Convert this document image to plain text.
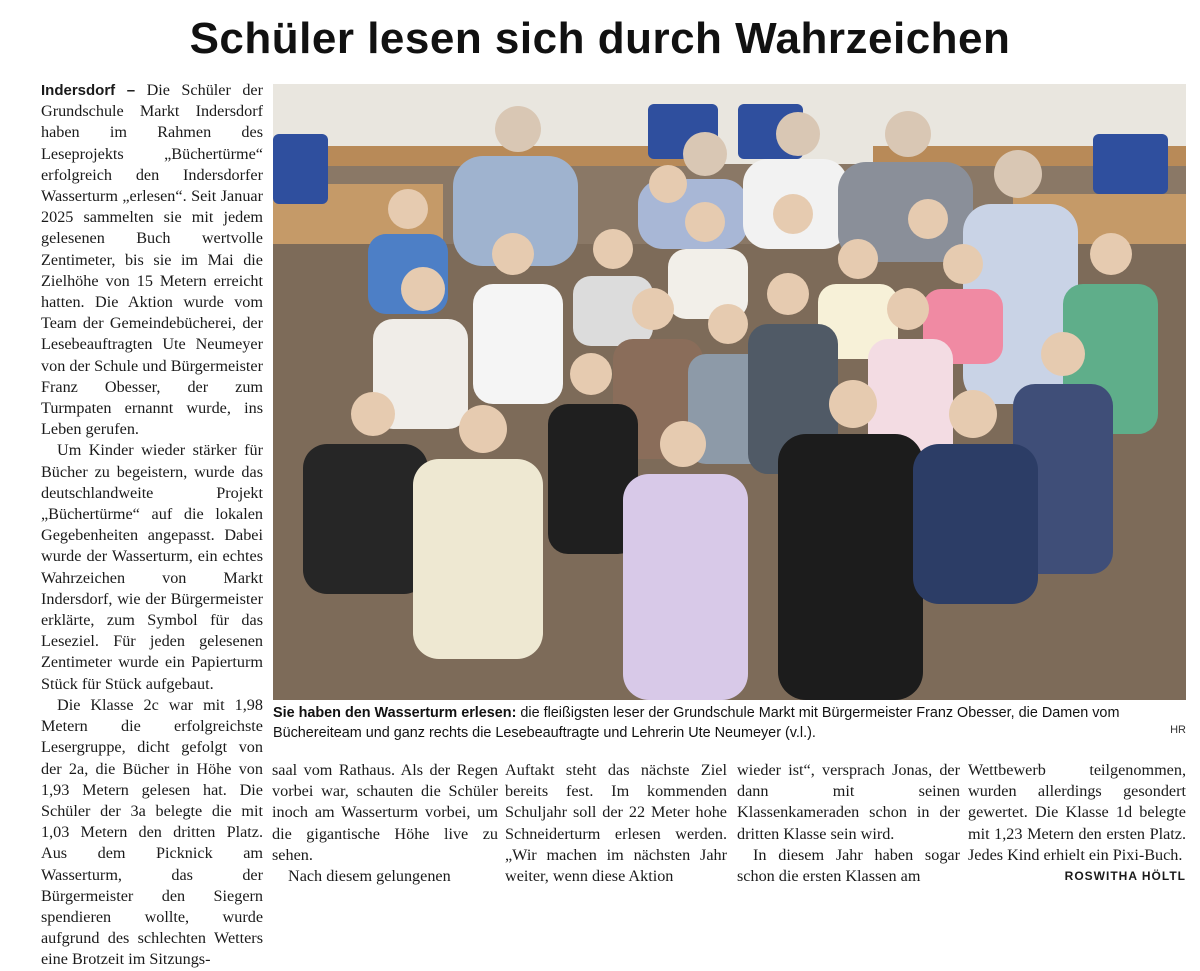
Schüler lesen sich durch Wahrzeichen

Indersdorf – Die Schüler der Grundschule Markt Indersdorf haben im Rahmen des Leseprojekts „Büchertürme“ erfolgreich den Indersdorfer Wasserturm „erlesen“. Seit Januar 2025 sammelten sie mit jedem gelesenen Buch wertvolle Zentimeter, bis sie im Mai die Zielhöhe von 15 Metern erreicht hatten. Die Aktion wurde vom Team der Gemeindebücherei, der Lesebeauftragten Ute Neumeyer von der Schule und Bürgermeister Franz Obesser, der zum Turmpaten ernannt wurde, ins Leben gerufen.

Um Kinder wieder stärker für Bücher zu begeistern, wurde das deutschlandweite Projekt „Büchertürme“ auf die lokalen Gegebenheiten angepasst. Dabei wurde der Wasserturm, ein echtes Wahrzeichen von Markt Indersdorf, wie der Bürgermeister erklärte, zum Symbol für das Leseziel. Für jeden gelesenen Zentimeter wurde ein Papierturm Stück für Stück aufgebaut.

Die Klasse 2c war mit 1,98 Metern die erfolgreichste Lesergruppe, dicht gefolgt von der 2a, die Bücher in Höhe von 1,93 Metern gelesen hat. Die Schüler der 3a belegte die mit 1,03 Metern den dritten Platz. Aus dem Picknick am Wasserturm, das der Bürgermeister den Siegern spendieren wollte, wurde aufgrund des schlechten Wetters eine Brotzeit im Sitzungs-

Sie haben den Wasserturm erlesen: die fleißigsten leser der Grundschule Markt mit Bürgermeister Franz Obesser, die Damen vom Büchereiteam und ganz rechts die Lesebeauftragte und Lehrerin Ute Neumeyer (v.l.).	HR

saal vom Rathaus. Als der Regen vorbei war, schauten die Schüler inoch am Wasserturm vorbei, um die gigantische Höhe live zu sehen.

Nach diesem gelungenen

Auftakt steht das nächste Ziel bereits fest. Im kommenden Schuljahr soll der 22 Meter hohe Schneiderturm erlesen werden. „Wir machen im nächsten Jahr weiter, wenn diese Aktion

wieder ist“, versprach Jonas, der dann mit seinen Klassenkameraden schon in der dritten Klasse sein wird.

In diesem Jahr haben sogar schon die ersten Klassen am

Wettbewerb teilgenommen, wurden allerdings gesondert gewertet. Die Klasse 1d belegte mit 1,23 Metern den ersten Platz. Jedes Kind erhielt ein Pixi-Buch.
ROSWITHA HÖLTL
